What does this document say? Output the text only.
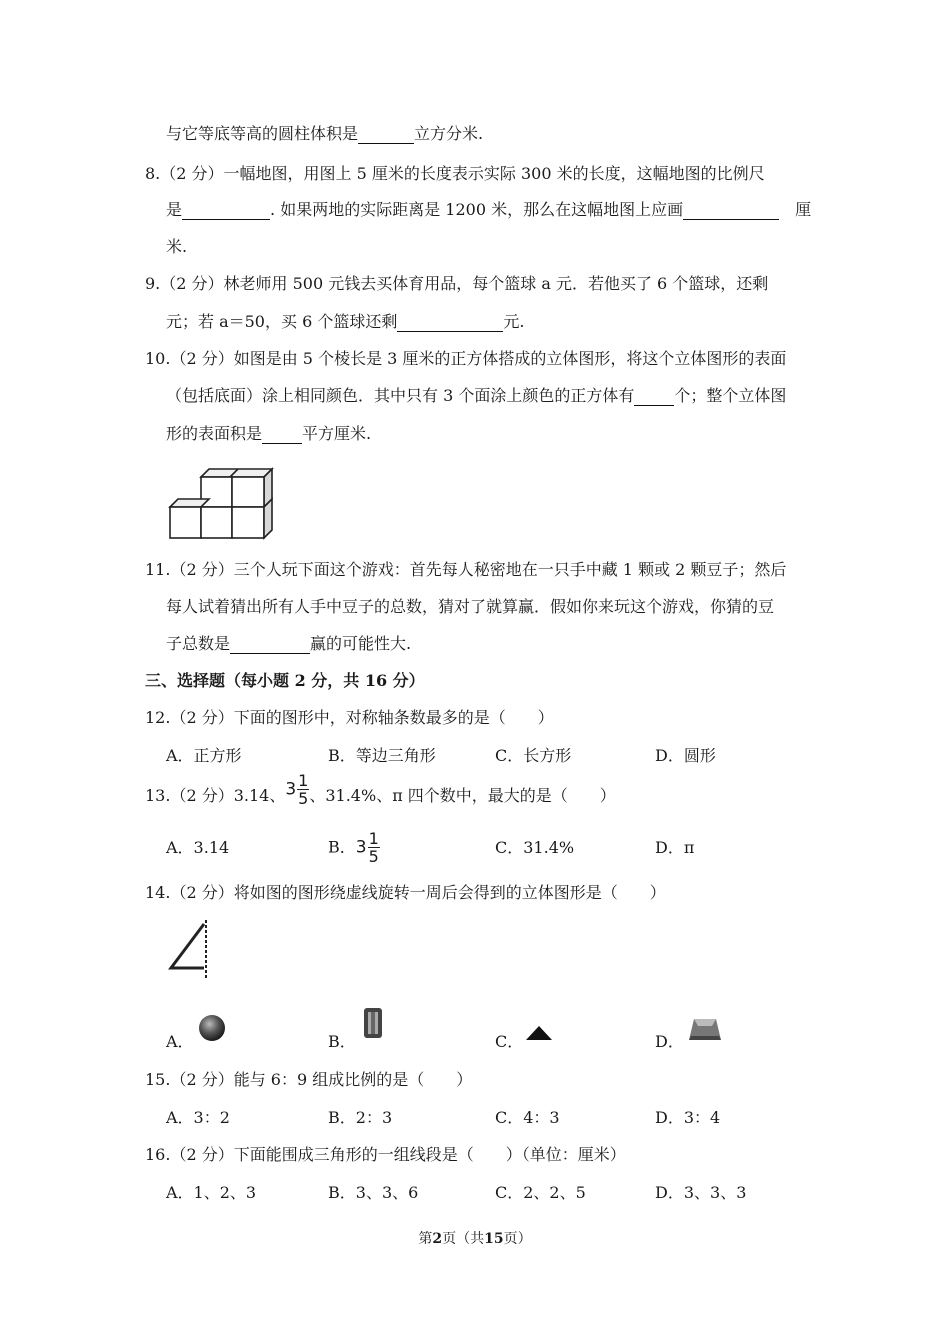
与它等底等高的圆柱体积是	立方分米.
8.（2 分）一幅地图，用图上 5 厘米的长度表示实际 300 米的长度，这幅地图的比例尺
是	. 如果两地的实际距离是 1200 米，那么在这幅地图上应画	厘
米.
9.（2 分）林老师用 500 元钱去买体育用品，每个篮球 a 元．若他买了 6 个篮球，还剩
元；若 a＝50，买 6 个篮球还剩	元.
10.（2 分）如图是由 5 个棱长是 3 厘米的正方体搭成的立体图形，将这个立体图形的表面
（包括底面）涂上相同颜色．其中只有 3 个面涂上颜色的正方体有	个；整个立体图
形的表面积是	平方厘米.
11.（2 分）三个人玩下面这个游戏：首先每人秘密地在一只手中藏 1 颗或 2 颗豆子；然后
每人试着猜出所有人手中豆子的总数，猜对了就算赢．假如你来玩这个游戏，你猜的豆
子总数是	赢的可能性大.
三、选择题（每小题 2 分，共 16 分）
12.（2 分）下面的图形中，对称轴条数最多的是（　　）
A．正方形	B．等边三角形	C．长方形	D．圆形
13.（2 分）3.14、$3 \frac{1}{5}$ 、31.4%、π 四个数中，最大的是（　　）
A．3.14	B．$3 \frac{1}{5}$	C．31.4%	D．π
14.（2 分）将如图的图形绕虚线旋转一周后会得到的立体图形是（　　）
A．	B．	C．	D．
15.（2 分）能与 6：9 组成比例的是（　　）
A．3：2	B．2：3	C．4：3	D．3：4
16.（2 分）下面能围成三角形的一组线段是（　　）（单位：厘米）
A．1、2、3	B．3、3、6	C．2、2、5	D．3、3、3
第2页（共15页）
